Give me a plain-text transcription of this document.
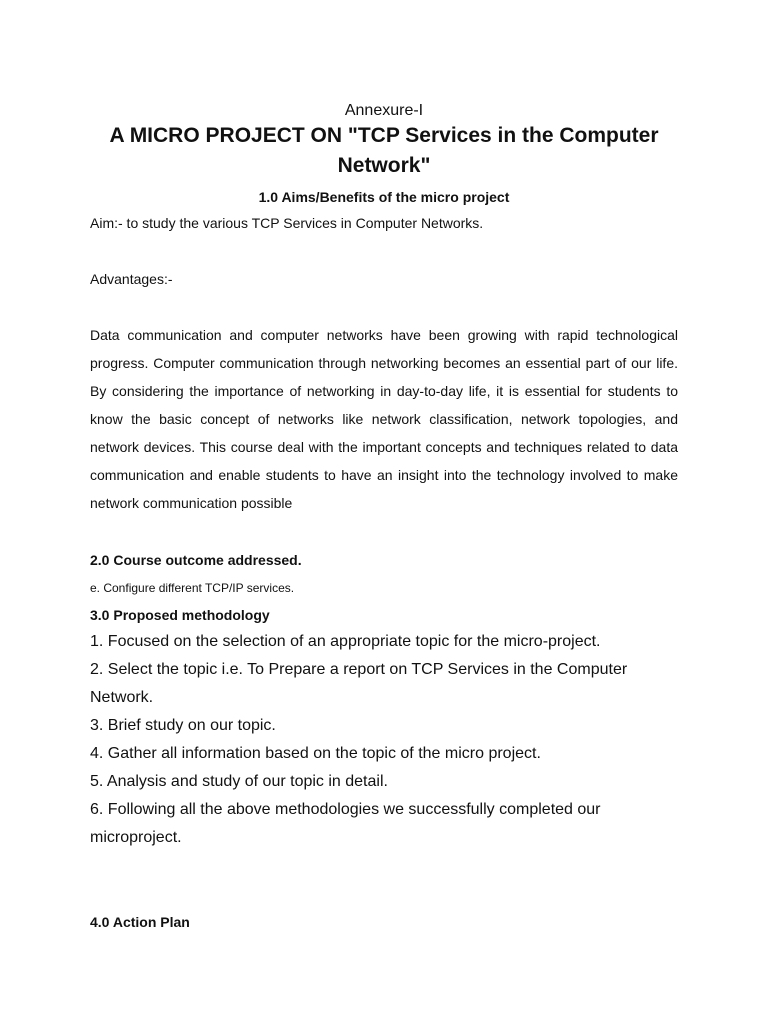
Annexure-I
A MICRO PROJECT ON "TCP Services in the Computer Network"
1.0 Aims/Benefits of the micro project
Aim:- to study the various TCP Services in Computer Networks.
Advantages:-
Data communication and computer networks have been growing with rapid technological progress. Computer communication through networking becomes an essential part of our life. By considering the importance of networking in day-to-day life, it is essential for students to know the basic concept of networks like network classification, network topologies, and network devices. This course deal with the important concepts and techniques related to data communication and enable students to have an insight into the technology involved to make network communication possible
2.0 Course outcome addressed.
e. Configure different TCP/IP services.
3.0 Proposed methodology
1. Focused on the selection of an appropriate topic for the micro-project.
2. Select the topic i.e. To Prepare a report on TCP Services in the Computer Network.
3. Brief study on our topic.
4. Gather all information based on the topic of the micro project.
5. Analysis and study of our topic in detail.
6. Following all the above methodologies we successfully completed our microproject.
4.0 Action Plan
